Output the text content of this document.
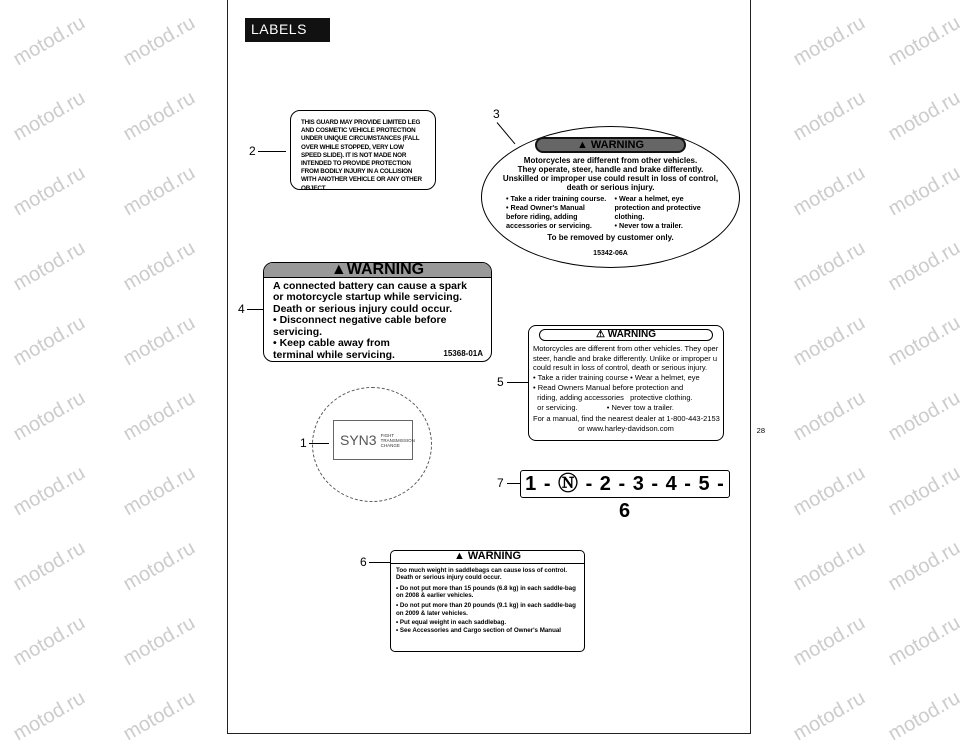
motod.ru motod.ru	motod.ru motod.ru
motod.ru motod.ru	motod.ru motod.ru
motod.ru motod.ru	motod.ru motod.ru
motod.ru motod.ru	motod.ru motod.ru
motod.ru motod.ru	motod.ru motod.ru
motod.ru motod.ru	motod.ru motod.ru
motod.ru motod.ru	motod.ru motod.ru
motod.ru motod.ru	motod.ru motod.ru
motod.ru motod.ru	motod.ru motod.ru
motod.ru motod.ru	motod.ru motod.ru
LABELS
2
3
4
5
1
7
6
THIS GUARD MAY PROVIDE LIMITED LEG AND COSMETIC VEHICLE PROTECTION UNDER UNIQUE CIRCUMSTANCES (FALL OVER WHILE STOPPED, VERY LOW SPEED SLIDE). IT IS NOT MADE NOR INTENDED TO PROVIDE PROTECTION FROM BODILY INJURY IN A COLLISION WITH ANOTHER VEHICLE OR ANY OTHER OBJECT.
▲ WARNING
Motorcycles are different from other vehicles.
They operate, steer, handle and brake differently.
Unskilled or improper use could result in loss of control,
death or serious injury.

• Take a rider training course.

• Read Owner's Manual before riding, adding accessories or servicing.

• Wear a helmet, eye protection and protective clothing.

• Never tow a trailer.

To be removed by customer only.
15342-06A
▲WARNING
A connected battery can cause a spark
or motorcycle startup while servicing.
Death or serious injury could occur.
• Disconnect negative cable before servicing.
• Keep cable away from terminal while servicing.	15368-01A
⚠ WARNING
Motorcycles are different from other vehicles. They oper
steer, handle and brake differently. Unlike or improper u
could result in loss of control, death or serious injury.
• Take a rider training course • Wear a helmet, eye
• Read Owners Manual before protection and
riding, adding accessories   protective clothing.
or servicing.              • Never tow a trailer.
For a manual, find the nearest dealer at 1-800-443-2153
or www.harley-davidson.com	28
SYN3 FIGHT TRANSMISSION CHANGE
1 - Ⓝ - 2 - 3 - 4 - 5 - 6
▲ WARNING
Too much weight in saddlebags can cause loss of control.
Death or serious injury could occur.
• Do not put more than 15 pounds (6.8 kg) in each saddle-bag on 2008 & earlier vehicles.
• Do not put more than 20 pounds (9.1 kg) in each saddle-bag on 2009 & later vehicles.
• Put equal weight in each saddlebag.
• See Accessories and Cargo section of Owner's Manual
